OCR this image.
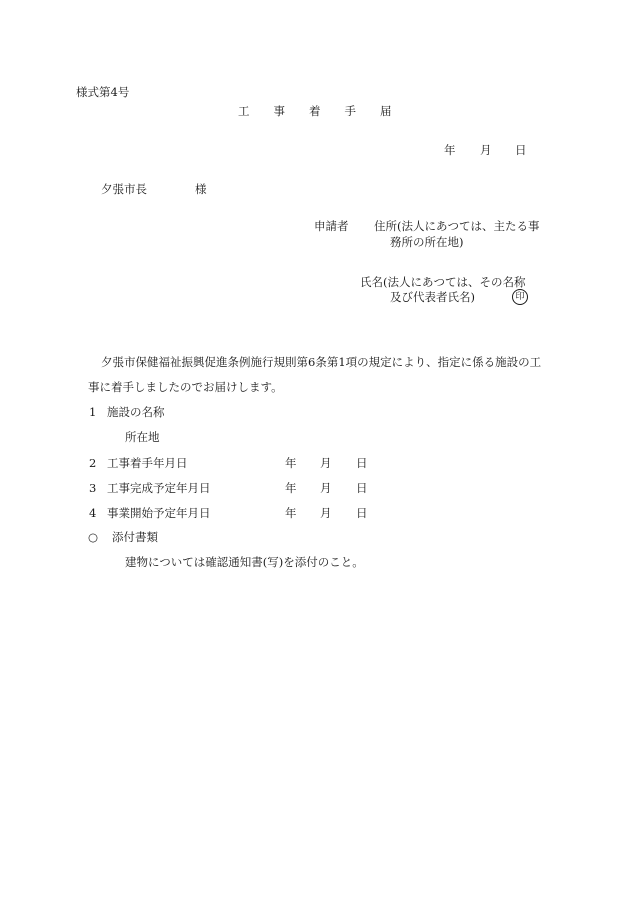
様式第4号
工 事 着 手 届
年 月 日
夕張市長	様
申請者 住所(法人にあつては、主たる事
務所の所在地)
氏名(法人にあつては、その名称
及び代表者氏名)	印
夕張市保健福祉振興促進条例施行規則第6条第1項の規定により、指定に係る施設の工
事に着手しましたのでお届けします。
1 施設の名称
所在地
2 工事着手年月日	年 月 日
3 工事完成予定年月日	年 月 日
4 事業開始予定年月日	年 月 日
○ 添付書類
建物については確認通知書(写)を添付のこと。
